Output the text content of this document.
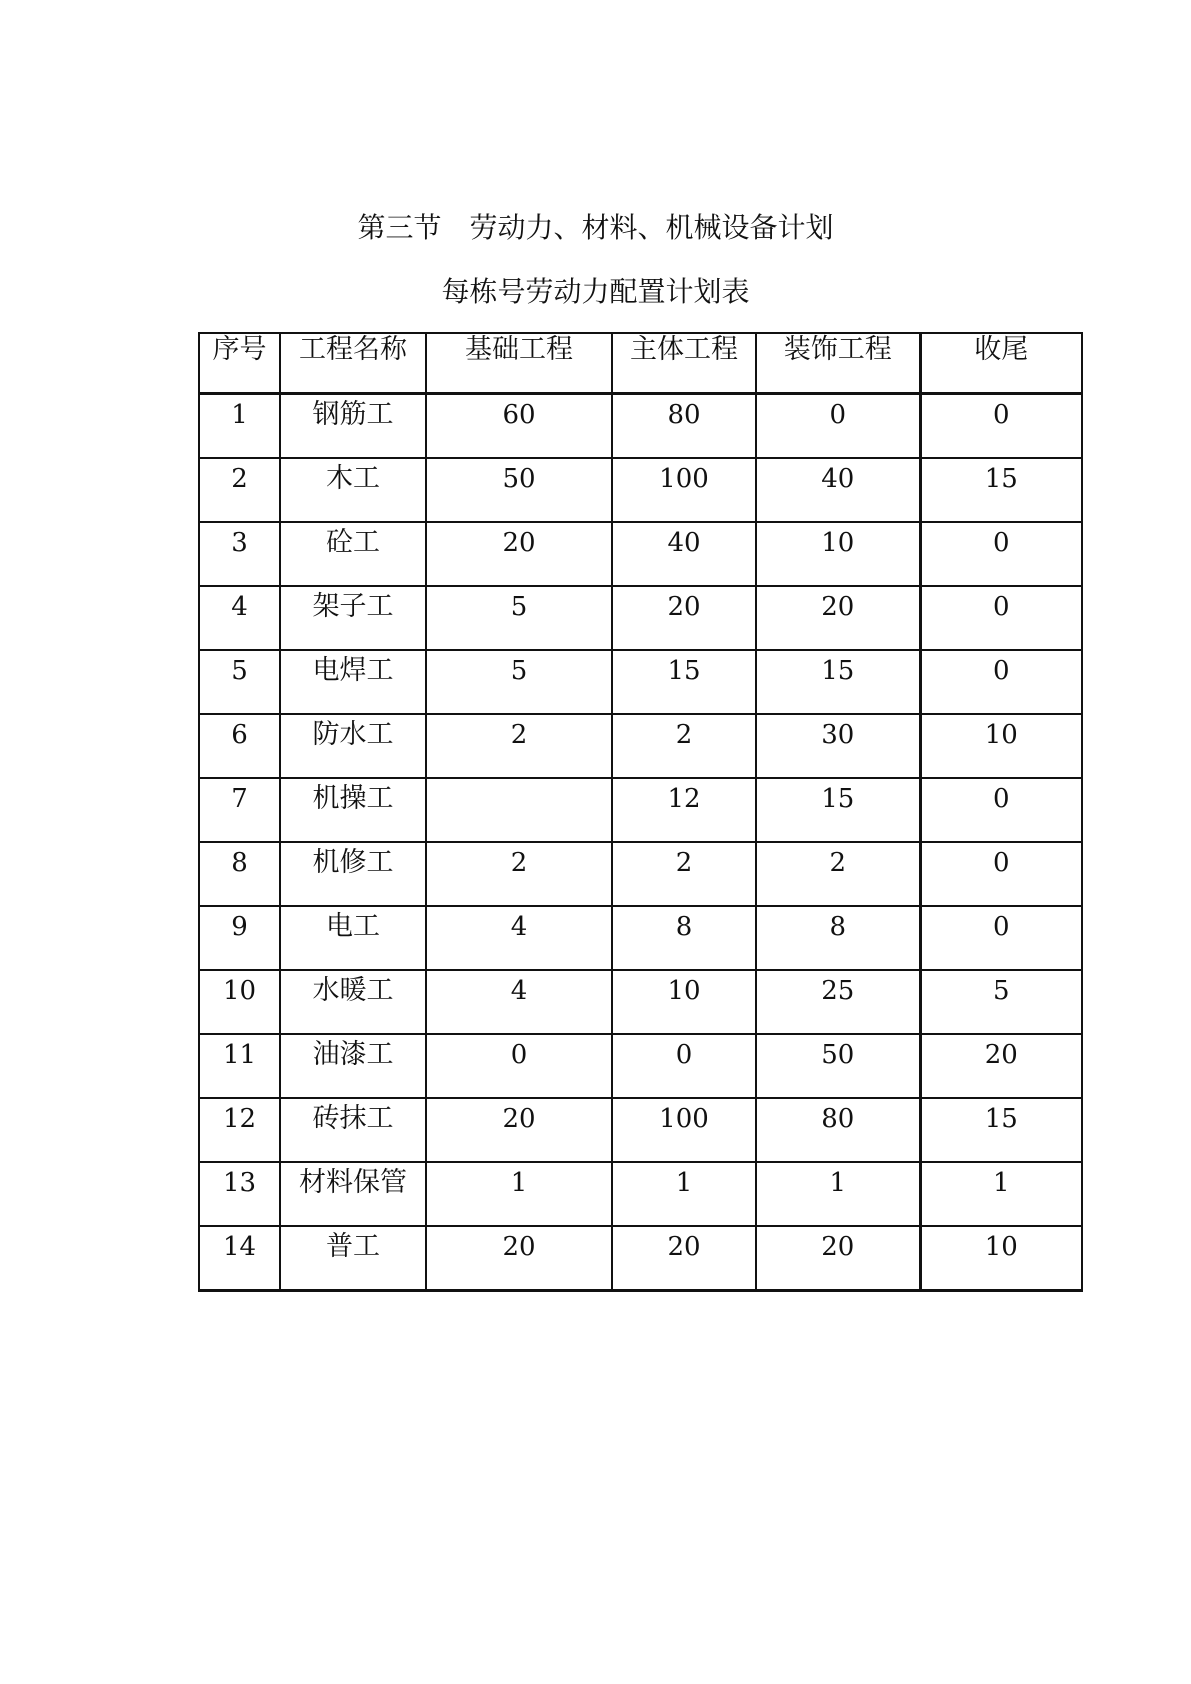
第三节　劳动力、材料、机械设备计划
每栋号劳动力配置计划表
序号	工程名称	基础工程	主体工程	装饰工程	收尾
1	钢筋工	60	80	0	0
2	木工	50	100	40	15
3	砼工	20	40	10	0
4	架子工	5	20	20	0
5	电焊工	5	15	15	0
6	防水工	2	2	30	10
7	机操工		12	15	0
8	机修工	2	2	2	0
9	电工	4	8	8	0
10	水暖工	4	10	25	5
11	油漆工	0	0	50	20
12	砖抹工	20	100	80	15
13	材料保管	1	1	1	1
14	普工	20	20	20	10
